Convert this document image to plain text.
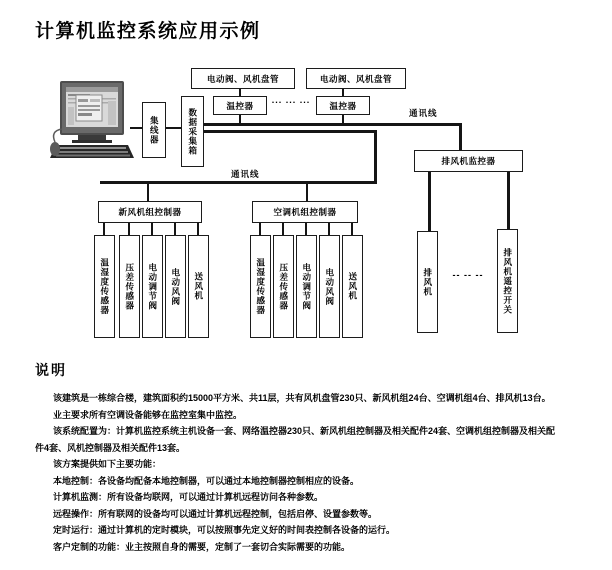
计算机监控系统应用示例
集线器	数据采集箱
电动阀、风机盘管
温控器
... ... ...
电动阀、风机盘管
温控器
通讯线
通讯线
新风机组控制器
温湿度传感器	压差传感器	电动调节阀	电动风阀	送风机
空调机组控制器
温湿度传感器	压差传感器	电动调节阀	电动风阀	送风机
排风机监控器
排风机	-- -- --	排风机遥控开关
说明
该建筑是一栋综合楼，建筑面积约15000平方米、共11层，共有风机盘管230只、新风机组24台、空调机组4台、排风机13台。
业主要求所有空调设备能够在监控室集中监控。
该系统配置为：计算机监控系统主机设备一套、网络温控器230只、新风机组控制器及相关配件24套、空调机组控制器及相关配
件4套、风机控制器及相关配件13套。
该方案提供如下主要功能：
本地控制：各设备均配备本地控制器，可以通过本地控制器控制相应的设备。
计算机监测：所有设备均联网，可以通过计算机远程访问各种参数。
远程操作：所有联网的设备均可以通过计算机远程控制，包括启停、设置参数等。
定时运行：通过计算机的定时模块，可以按照事先定义好的时间表控制各设备的运行。
客户定制的功能：业主按照自身的需要，定制了一套切合实际需要的功能。
